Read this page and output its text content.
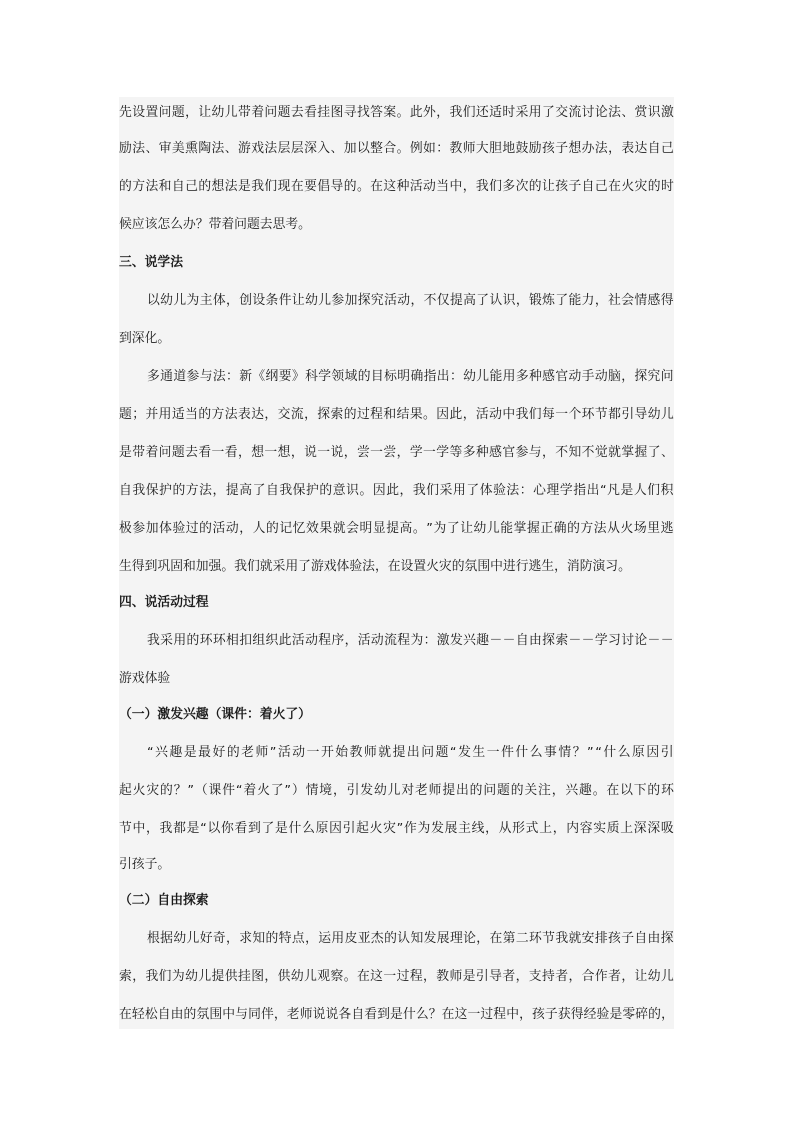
先 设 置 问 题 ， 让 幼 儿 带 着 问 题 去 看 挂 图 寻 找 答 案 。 此 外 ， 我 们 还 适 时 采 用 了 交 流 讨 论 法 、 赏 识 激
励 法 、 审 美 熏 陶 法 、 游 戏 法 层 层 深 入 、 加 以 整 合 。 例 如 ： 教 师 大 胆 地 鼓 励 孩 子 想 办 法 ， 表 达 自 己
的 方 法 和 自 己 的 想 法 是 我 们 现 在 要 倡 导 的 。 在 这 种 活 动 当 中 ， 我 们 多 次 的 让 孩 子 自 己 在 火 灾 的 时
候应该怎么办？带着问题去思考。
三、说学法
以 幼 儿 为 主 体 ， 创 设 条 件 让 幼 儿 参 加 探 究 活 动 ， 不 仅 提 高 了 认 识 ， 锻 炼 了 能 力 ， 社 会 情 感 得
到深化。
多 通 道 参 与 法 ： 新 《 纲 要 》 科 学 领 域 的 目 标 明 确 指 出 ： 幼 儿 能 用 多 种 感 官 动 手 动 脑 ， 探 究 问
题 ； 并 用 适 当 的 方 法 表 达 ， 交 流 ， 探 索 的 过 程 和 结 果 。 因 此 ， 活 动 中 我 们 每 一 个 环 节 都 引 导 幼 儿
是 带 着 问 题 去 看 一 看 ， 想 一 想 ， 说 一 说 ， 尝 一 尝 ， 学 一 学 等 多 种 感 官 参 与 ， 不 知 不 觉 就 掌 握 了 、
自 我 保 护 的 方 法 ， 提 高 了 自 我 保 护 的 意 识 。 因 此 ， 我 们 采 用 了 体 验 法 ： 心 理 学 指 出 “ 凡 是 人 们 积
极 参 加 体 验 过 的 活 动 ， 人 的 记 忆 效 果 就 会 明 显 提 高 。 ” 为 了 让 幼 儿 能 掌 握 正 确 的 方 法 从 火 场 里 逃
生得到巩固和加强。我们就采用了游戏体验法，在设置火灾的氛围中进行逃生，消防演习。
四、说活动过程
我 采 用 的 环 环 相 扣 组 织 此 活 动 程 序 ， 活 动 流 程 为 ： 激 发 兴 趣 － － 自 由 探 索 － － 学 习 讨 论 － －
游戏体验
（一）激发兴趣（课件：着火了）
“ 兴 趣 是 最 好 的 老 师 ” 活 动 一 开 始 教 师 就 提 出 问 题 “ 发 生 一 件 什 么 事 情 ？ ” “ 什 么 原 因 引
起 火 灾 的 ？ ” （ 课 件 “ 着 火 了 ” ） 情 境 ， 引 发 幼 儿 对 老 师 提 出 的 问 题 的 关 注 ， 兴 趣 。 在 以 下 的 环
节 中 ， 我 都 是 “ 以 你 看 到 了 是 什 么 原 因 引 起 火 灾 ” 作 为 发 展 主 线 ， 从 形 式 上 ， 内 容 实 质 上 深 深 吸
引孩子。
（二）自由探索
根 据 幼 儿 好 奇 ， 求 知 的 特 点 ， 运 用 皮 亚 杰 的 认 知 发 展 理 论 ， 在 第 二 环 节 我 就 安 排 孩 子 自 由 探
索 ， 我 们 为 幼 儿 提 供 挂 图 ， 供 幼 儿 观 察 。 在 这 一 过 程 ， 教 师 是 引 导 者 ， 支 持 者 ， 合 作 者 ， 让 幼 儿
在 轻 松 自 由 的 氛 围 中 与 同 伴 ， 老 师 说 说 各 自 看 到 是 什 么 ？ 在 这 一 过 程 中 ， 孩 子 获 得 经 验 是 零 碎 的 ，
